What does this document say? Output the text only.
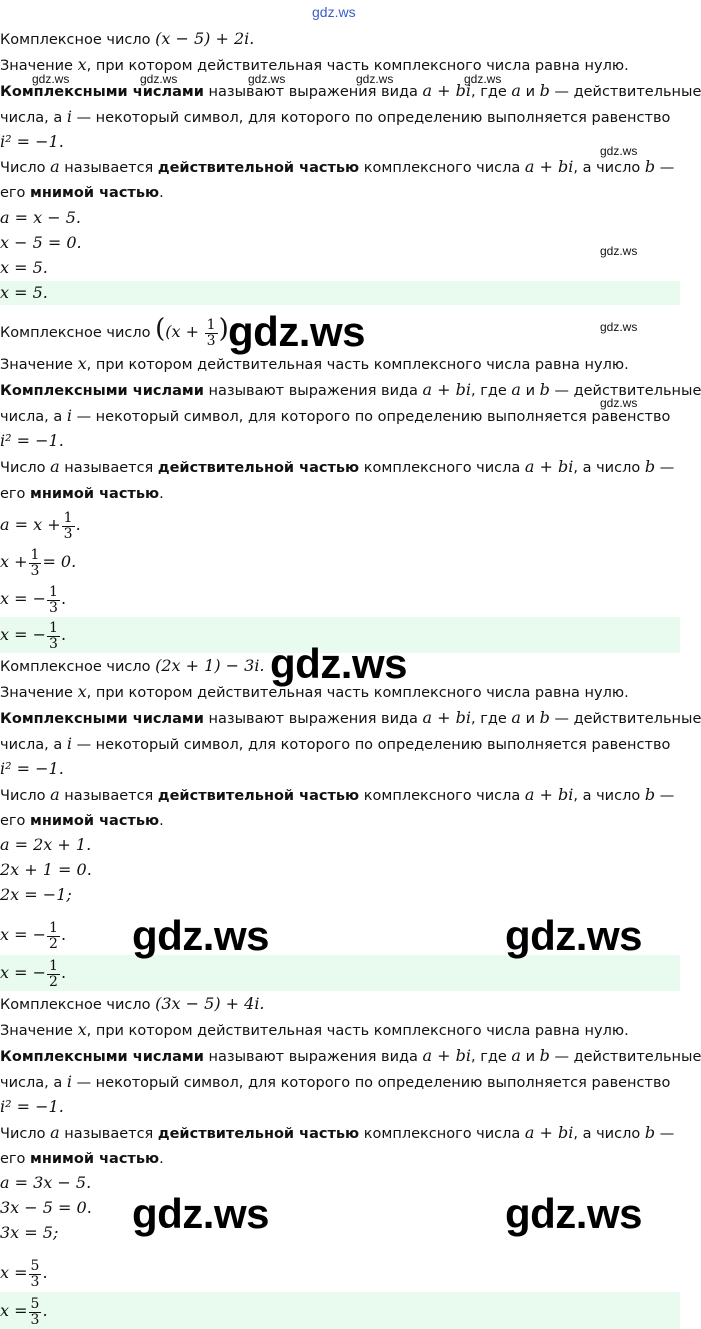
gdz.ws
gdz.ws	gdz.ws	gdz.ws	gdz.ws	gdz.ws
gdz.ws
gdz.ws
gdz.ws
gdz.ws
Комплексное число (x − 5) + 2i.
Значение x, при котором действительная часть комплексного числа равна нулю.
Комплексными числами называют выражения вида a + bi, где a и b — действительные
числа, а i — некоторый символ, для которого по определению выполняется равенство
i² = −1.
Число a называется действительной частью комплексного числа a + bi, а число b —
его мнимой частью.
a = x − 5.
x − 5 = 0.
x = 5.
x = 5.
Комплексное число (($x + \frac{1}{3}$ )
Значение x, при котором действительная часть комплексного числа равна нулю.
Комплексными числами называют выражения вида a + bi, где a и b — действительные
числа, а i — некоторый символ, для которого по определению выполняется равенство
i² = −1.
Число a называется действительной частью комплексного числа a + bi, а число b —
его мнимой частью.
$a = x + \frac{1}{3}$ .
$x + \frac{1}{3} = 0$.
x = − $\frac{1}{3}$ .
x = − $\frac{1}{3}$ .
gdz.ws
Комплексное число (2x + 1) − 3i. gdz.ws
Значение x, при котором действительная часть комплексного числа равна нулю.
Комплексными числами называют выражения вида a + bi, где a и b — действительные
числа, а i — некоторый символ, для которого по определению выполняется равенство
i² = −1.
Число a называется действительной частью комплексного числа a + bi, а число b —
его мнимой частью.
a = 2x + 1.
2x + 1 = 0.
2x = −1;
x = − $\frac{1}{2}$ .
x = − $\frac{1}{2}$ .
gdz.ws	gdz.ws
Комплексное число (3x − 5) + 4i.
Значение x, при котором действительная часть комплексного числа равна нулю.
Комплексными числами называют выражения вида a + bi, где a и b — действительные
числа, а i — некоторый символ, для которого по определению выполняется равенство
i² = −1.
Число a называется действительной частью комплексного числа a + bi, а число b —
его мнимой частью.
a = 3x − 5.
3x − 5 = 0.
3x = 5;
$x = \frac{5}{3}$ .
$x = \frac{5}{3}$ .
gdz.ws	gdz.ws
